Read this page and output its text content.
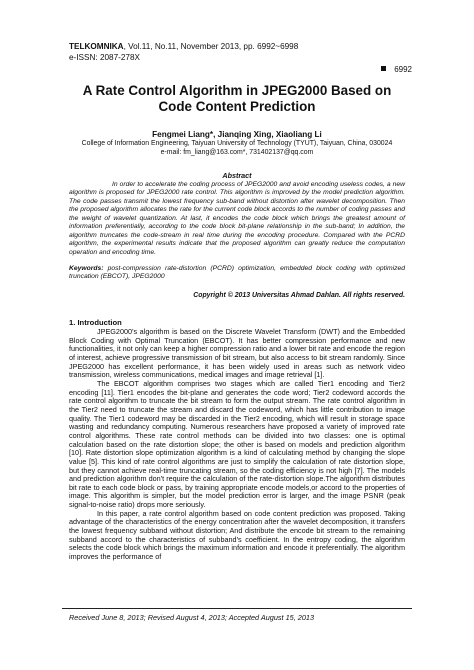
TELKOMNIKA, Vol.11, No.11, November 2013, pp. 6992~6998
e-ISSN: 2087-278X
6992
A Rate Control Algorithm in JPEG2000 Based on Code Content Prediction
Fengmei Liang*, Jianqing Xing, Xiaoliang Li
College of Information Engineering, Taiyuan University of Technology (TYUT), Taiyuan, China, 030024
e-mail: fm_liang@163.com*, 731402137@qq.com
Abstract
In order to accelerate the coding process of JPEG2000 and avoid encoding useless codes, a new algorithm is proposed for JPEG2000 rate control. This algorithm is improved by the model prediction algorithm. The code passes transmit the lowest frequency sub-band without distortion after wavelet decomposition. Then the proposed algorithm allocates the rate for the current code block accords to the number of coding passes and the weight of wavelet quantization. At last, it encodes the code block which brings the greatest amount of information preferentially, according to the code block bit-plane relationship in the sub-band; In addition, the algorithm truncates the code-stream in real time during the encoding procedure. Compared with the PCRD algorithm, the experimental results indicate that the proposed algorithm can greatly reduce the computation operation and encoding time.
Keywords: post-compression rate-distortion (PCRD) optimization, embedded block coding with optimized truncation (EBCOT), JPEG2000
Copyright © 2013 Universitas Ahmad Dahlan. All rights reserved.
1. Introduction

JPEG2000's algorithm is based on the Discrete Wavelet Transform (DWT) and the Embedded Block Coding with Optimal Truncation (EBCOT). It has better compression performance and new functionalities, it not only can keep a higher compression ratio and a lower bit rate and encode the region of interest, achieve progressive transmission of bit stream, but also access to bit stream randomly. Since JPEG2000 has excellent performance, it has been widely used in areas such as network video transmission, wireless communications, medical images and image retrieval [1].

The EBCOT algorithm comprises two stages which are called Tier1 encoding and Tier2 encoding [11]. Tier1 encodes the bit-plane and generates the code word; Tier2 codeword accords the rate control algorithm to truncate the bit stream to form the output stream. The rate control algorithm in the Tier2 need to truncate the stream and discard the codeword, which has little contribution to image quality. The Tier1 codeword may be discarded in the Tier2 encoding, which will result in storage space wasting and redundancy computing. Numerous researchers have proposed a variety of improved rate control algorithms. These rate control methods can be divided into two classes: one is optimal calculation based on the rate distortion slope; the other is based on models and prediction algorithm [10]. Rate distortion slope optimization algorithm is a kind of calculating method by changing the slope value [5]. This kind of rate control algorithms are just to simplify the calculation of rate distortion slope, but they cannot achieve real-time truncating stream, so the coding efficiency is not high [7]. The models and prediction algorithm don't require the calculation of the rate-distortion slope.The algorithm distributes bit rate to each code block or pass, by training appropriate encode models,or accord to the properties of image. This algorithm is simpler, but the model prediction error is larger, and the image PSNR (peak signal-to-noise ratio) drops more seriously.

In this paper, a rate control algorithm based on code content prediction was proposed. Taking advantage of the characteristics of the energy concentration after the wavelet decomposition, it transfers the lowest frequency subband without distortion; And distribute the encode bit stream to the remaining subband accord to the characteristics of subband's coefficient. In the entropy coding, the algorithm selects the code block which brings the maximum information and encode it preferentially. The algorithm improves the performance of

Received June 8, 2013; Revised August 4, 2013; Accepted August 15, 2013
